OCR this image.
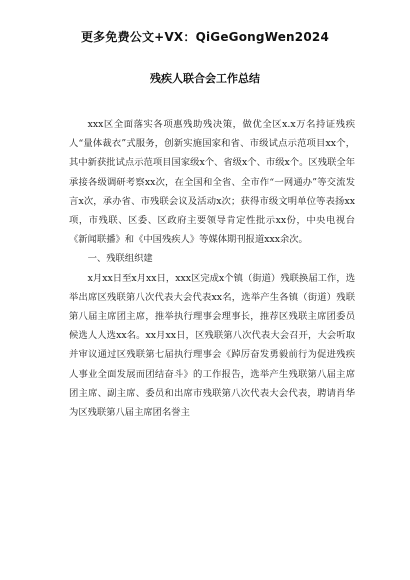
更多免费公文+VX：QiGeGongWen2024
残疾人联合会工作总结

xxx区全面落实各项惠残助残决策，做优全区x.x万名持证残疾人“量体裁衣”式服务，创新实施国家和省、市级试点示范项目xx个，其中新获批试点示范项目国家级x个、省级x个、市级x个。区残联全年承接各级调研考察xx次，在全国和全省、全市作“一网通办”等交流发言x次，承办省、市残联会议及活动x次；获得市级文明单位等表扬xx项，市残联、区委、区政府主要领导肯定性批示xx份，中央电视台《新闻联播》和《中国残疾人》等媒体期刊报道xxx余次。

一、残联组织建

x月xx日至x月xx日，xxx区完成x个镇（街道）残联换届工作，选举出席区残联第八次代表大会代表xx名，选举产生各镇（街道）残联第八届主席团主席，推举执行理事会理事长，推荐区残联主席团委员候选人人选xx名。xx月xx日，区残联第八次代表大会召开，大会听取并审议通过区残联第七届执行理事会《踔厉奋发勇毅前行为促进残疾人事业全面发展而团结奋斗》的工作报告，选举产生残联第八届主席团主席、副主席、委员和出席市残联第八次代表大会代表，聘请肖华为区残联第八届主席团名誉主
